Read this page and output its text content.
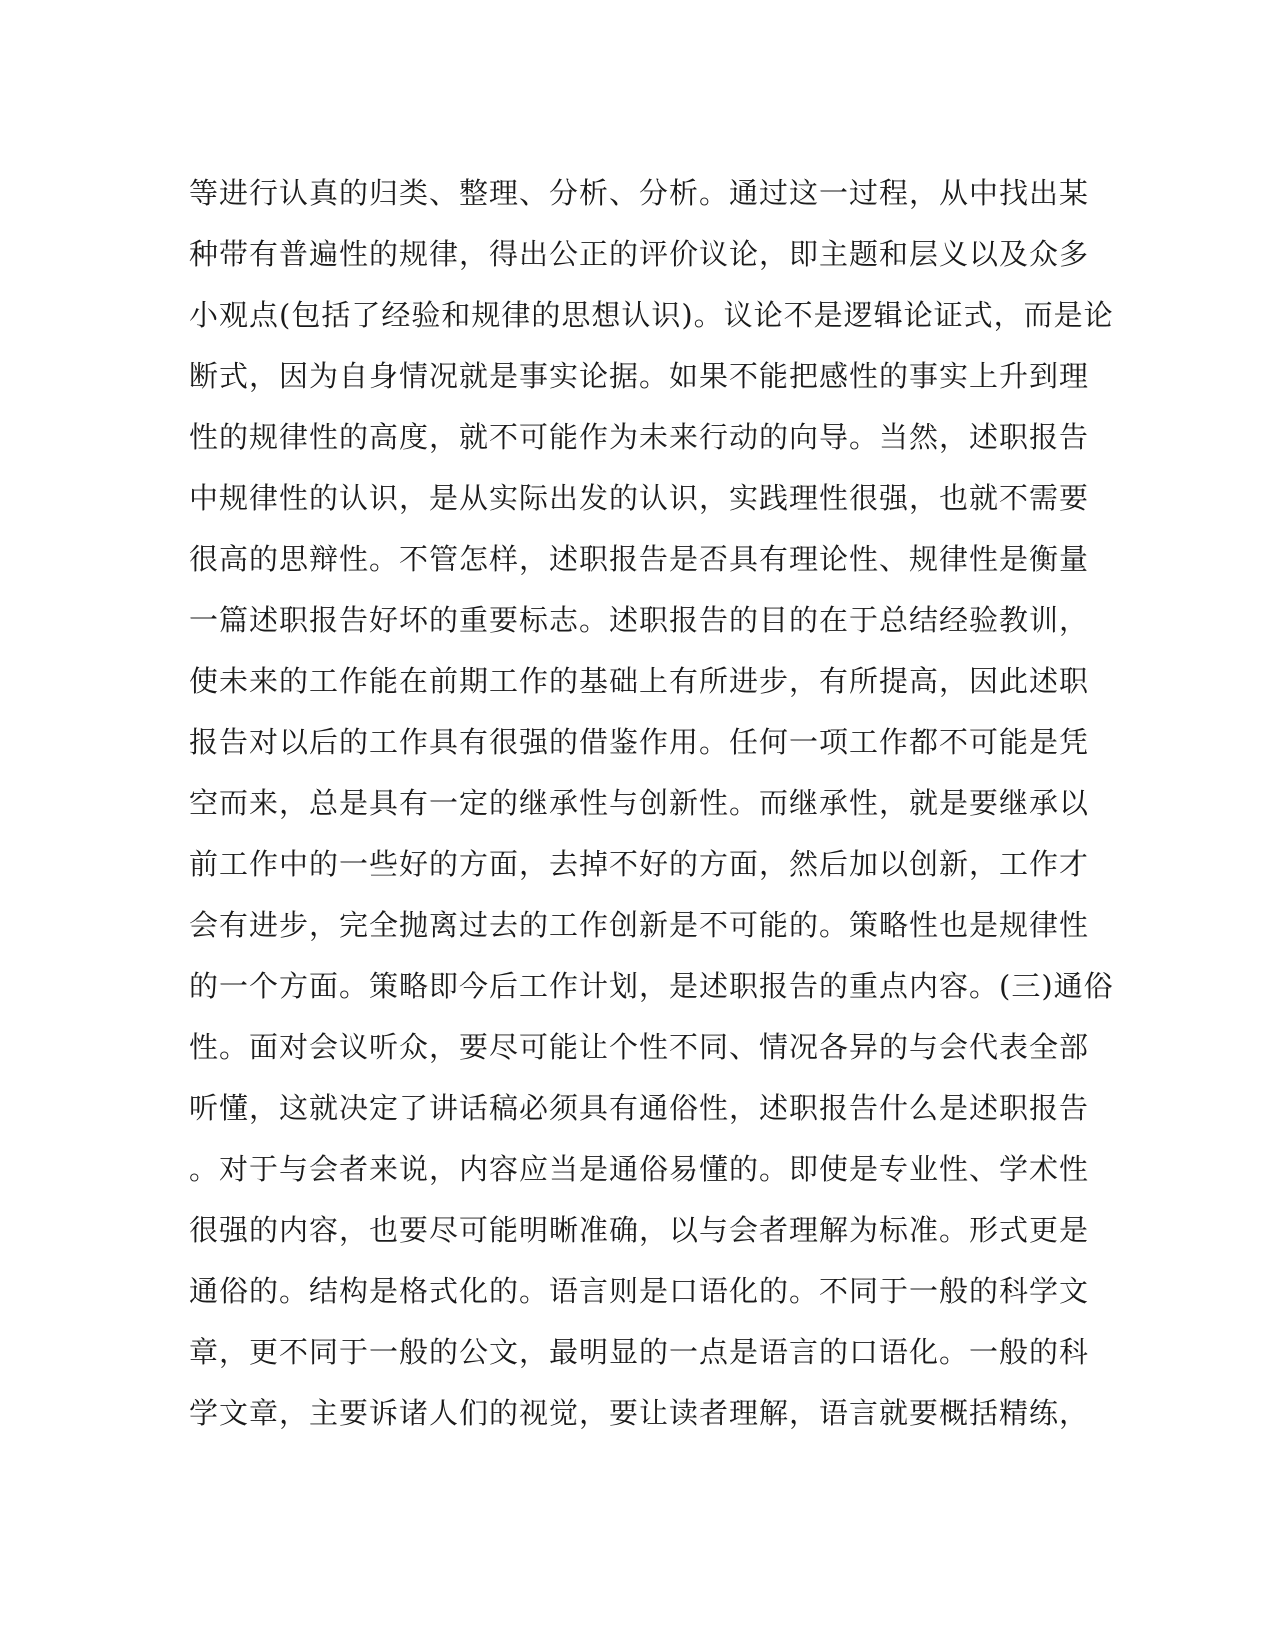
等进行认真的归类、整理、分析、分析。通过这一过程，从中找出某
种带有普遍性的规律，得出公正的评价议论，即主题和层义以及众多
小观点(包括了经验和规律的思想认识)。议论不是逻辑论证式，而是论
断式，因为自身情况就是事实论据。如果不能把感性的事实上升到理
性的规律性的高度，就不可能作为未来行动的向导。当然，述职报告
中规律性的认识，是从实际出发的认识，实践理性很强，也就不需要
很高的思辩性。不管怎样，述职报告是否具有理论性、规律性是衡量
一篇述职报告好坏的重要标志。述职报告的目的在于总结经验教训，
使未来的工作能在前期工作的基础上有所进步，有所提高，因此述职
报告对以后的工作具有很强的借鉴作用。任何一项工作都不可能是凭
空而来，总是具有一定的继承性与创新性。而继承性，就是要继承以
前工作中的一些好的方面，去掉不好的方面，然后加以创新，工作才
会有进步，完全抛离过去的工作创新是不可能的。策略性也是规律性
的一个方面。策略即今后工作计划，是述职报告的重点内容。(三)通俗
性。面对会议听众，要尽可能让个性不同、情况各异的与会代表全部
听懂，这就决定了讲话稿必须具有通俗性，述职报告什么是述职报告
。对于与会者来说，内容应当是通俗易懂的。即使是专业性、学术性
很强的内容，也要尽可能明晰准确，以与会者理解为标准。形式更是
通俗的。结构是格式化的。语言则是口语化的。不同于一般的科学文
章，更不同于一般的公文，最明显的一点是语言的口语化。一般的科
学文章，主要诉诸人们的视觉，要让读者理解，语言就要概括精练，
